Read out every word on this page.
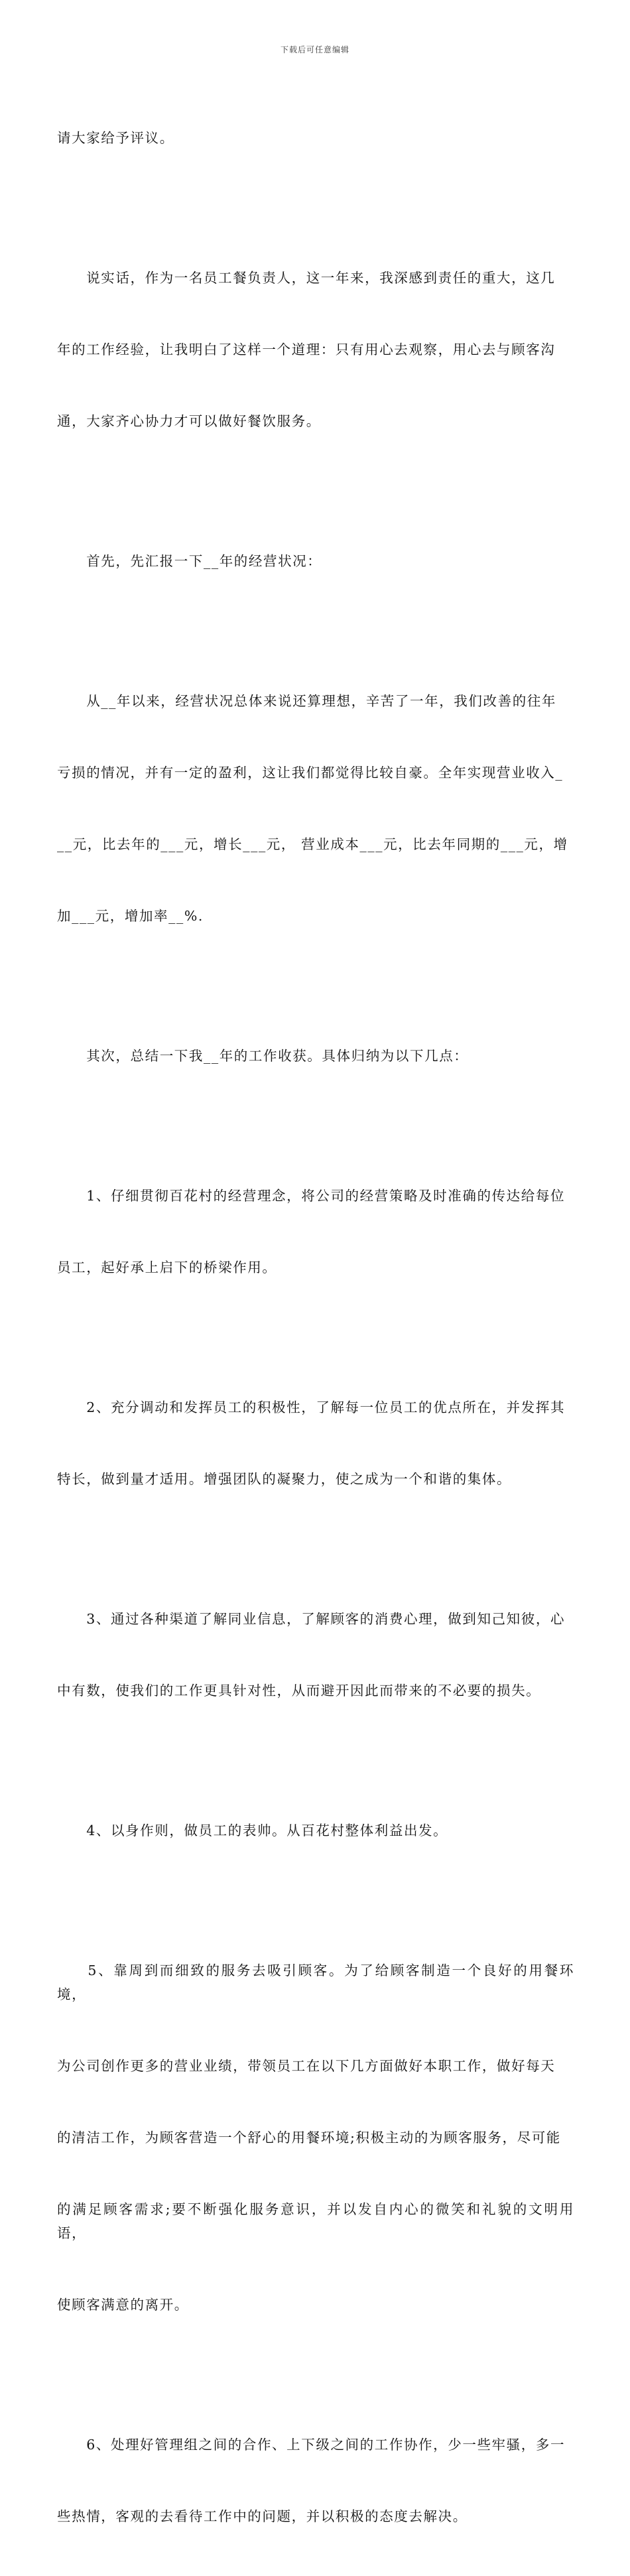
下载后可任意编辑

请大家给予评议。

　　说实话，作为一名员工餐负责人，这一年来，我深感到责任的重大，这几

年的工作经验，让我明白了这样一个道理：只有用心去观察，用心去与顾客沟

通，大家齐心协力才可以做好餐饮服务。

　　首先，先汇报一下__年的经营状况：

　　从__年以来，经营状况总体来说还算理想，辛苦了一年，我们改善的往年

亏损的情况，并有一定的盈利，这让我们都觉得比较自豪。全年实现营业收入_

__元，比去年的___元，增长___元， 营业成本___元，比去年同期的___元，增

加___元，增加率__%.

　　其次，总结一下我__年的工作收获。具体归纳为以下几点：

　　1、仔细贯彻百花村的经营理念，将公司的经营策略及时准确的传达给每位

员工，起好承上启下的桥梁作用。

　　2、充分调动和发挥员工的积极性，了解每一位员工的优点所在，并发挥其

特长，做到量才适用。增强团队的凝聚力，使之成为一个和谐的集体。

　　3、通过各种渠道了解同业信息，了解顾客的消费心理，做到知己知彼，心

中有数，使我们的工作更具针对性，从而避开因此而带来的不必要的损失。

　　4、以身作则，做员工的表帅。从百花村整体利益出发。

　　5、靠周到而细致的服务去吸引顾客。为了给顾客制造一个良好的用餐环境，

为公司创作更多的营业业绩，带领员工在以下几方面做好本职工作，做好每天

的清洁工作，为顾客营造一个舒心的用餐环境;积极主动的为顾客服务，尽可能

的满足顾客需求;要不断强化服务意识，并以发自内心的微笑和礼貌的文明用语，

使顾客满意的离开。

　　6、处理好管理组之间的合作、上下级之间的工作协作，少一些牢骚，多一

些热情，客观的去看待工作中的问题，并以积极的态度去解决。
